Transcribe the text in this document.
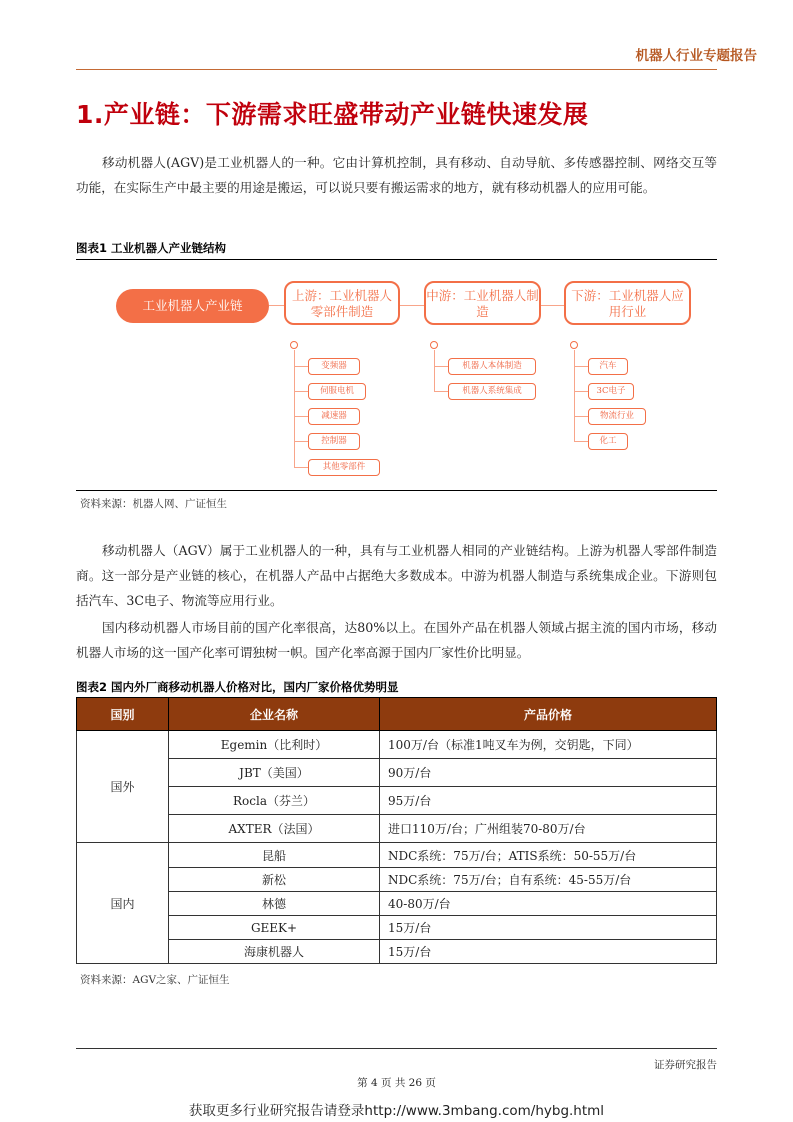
机器人行业专题报告
1.产业链：下游需求旺盛带动产业链快速发展
移动机器人(AGV)是工业机器人的一种。它由计算机控制，具有移动、自动导航、多传感器控制、网络交互等功能，在实际生产中最主要的用途是搬运，可以说只要有搬运需求的地方，就有移动机器人的应用可能。
图表1 工业机器人产业链结构
工业机器人产业链
上游：工业机器人零部件制造
中游：工业机器人制造
下游：工业机器人应用行业
变频器
伺服电机
减速器
控制器
其他零部件
机器人本体制造
机器人系统集成
汽车
3C电子
物流行业
化工
资料来源：机器人网、广证恒生
移动机器人（AGV）属于工业机器人的一种，具有与工业机器人相同的产业链结构。上游为机器人零部件制造商。这一部分是产业链的核心，在机器人产品中占据绝大多数成本。中游为机器人制造与系统集成企业。下游则包括汽车、3C电子、物流等应用行业。
国内移动机器人市场目前的国产化率很高，达80%以上。在国外产品在机器人领域占据主流的国内市场，移动机器人市场的这一国产化率可谓独树一帜。国产化率高源于国内厂家性价比明显。
图表2 国内外厂商移动机器人价格对比，国内厂家价格优势明显
国别	企业名称	产品价格
国外	Egemin（比利时）	100万/台（标准1吨叉车为例，交钥匙，下同）
	JBT（美国）	90万/台
	Rocla（芬兰）	95万/台
	AXTER（法国）	进口110万/台；广州组装70-80万/台
国内	昆船	NDC系统：75万/台；ATIS系统：50-55万/台
	新松	NDC系统：75万/台；自有系统：45-55万/台
	林德	40-80万/台
	GEEK+	15万/台
	海康机器人	15万/台
资料来源：AGV之家、广证恒生
证券研究报告
第 4 页 共 26 页
获取更多行业研究报告请登录http://www.3mbang.com/hybg.html
